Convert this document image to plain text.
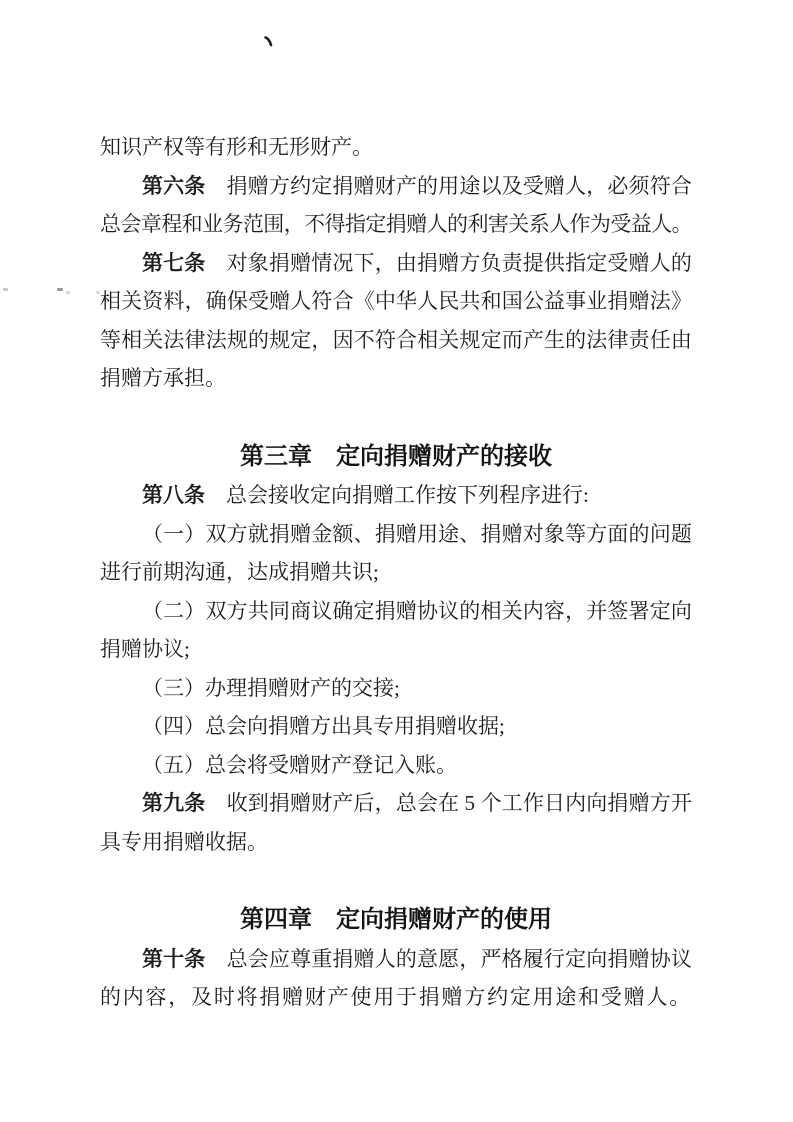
知识产权等有形和无形财产。
第六条　捐赠方约定捐赠财产的用途以及受赠人，必须符合
总会章程和业务范围，不得指定捐赠人的利害关系人作为受益人。
第七条　对象捐赠情况下，由捐赠方负责提供指定受赠人的
相关资料，确保受赠人符合《中华人民共和国公益事业捐赠法》
等相关法律法规的规定，因不符合相关规定而产生的法律责任由
捐赠方承担。
第三章　定向捐赠财产的接收
第八条　总会接收定向捐赠工作按下列程序进行:
（一）双方就捐赠金额、捐赠用途、捐赠对象等方面的问题
进行前期沟通，达成捐赠共识;
（二）双方共同商议确定捐赠协议的相关内容，并签署定向
捐赠协议;
（三）办理捐赠财产的交接;
（四）总会向捐赠方出具专用捐赠收据;
（五）总会将受赠财产登记入账。
第九条　收到捐赠财产后，总会在 5 个工作日内向捐赠方开
具专用捐赠收据。
第四章　定向捐赠财产的使用
第十条　总会应尊重捐赠人的意愿，严格履行定向捐赠协议
的内容，及时将捐赠财产使用于捐赠方约定用途和受赠人。
